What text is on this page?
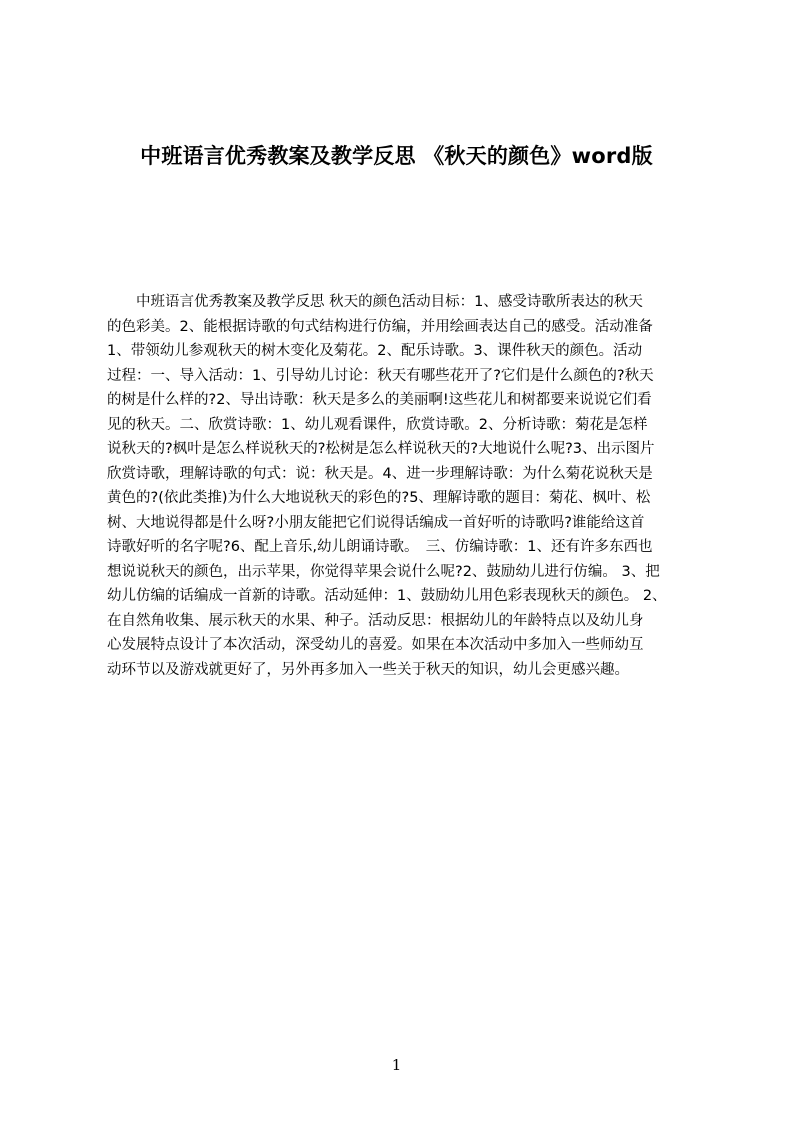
中班语言优秀教案及教学反思 《秋天的颜色》word版
　　中班语言优秀教案及教学反思 秋天的颜色活动目标：1、感受诗歌所表达的秋天
的色彩美。2、能根据诗歌的句式结构进行仿编，并用绘画表达自己的感受。活动准备
1、带领幼儿参观秋天的树木变化及菊花。2、配乐诗歌。3、课件秋天的颜色。活动
过程：一、导入活动：1、引导幼儿讨论：秋天有哪些花开了?它们是什么颜色的?秋天
的树是什么样的?2、导出诗歌：秋天是多么的美丽啊!这些花儿和树都要来说说它们看
见的秋天。二、欣赏诗歌：1、幼儿观看课件，欣赏诗歌。2、分析诗歌：菊花是怎样
说秋天的?枫叶是怎么样说秋天的?松树是怎么样说秋天的?大地说什么呢?3、出示图片
欣赏诗歌，理解诗歌的句式：说：秋天是。4、进一步理解诗歌：为什么菊花说秋天是
黄色的?(依此类推)为什么大地说秋天的彩色的?5、理解诗歌的题目：菊花、枫叶、松
树、大地说得都是什么呀?小朋友能把它们说得话编成一首好听的诗歌吗?谁能给这首
诗歌好听的名字呢?6、配上音乐,幼儿朗诵诗歌。　三、仿编诗歌：1、还有许多东西也
想说说秋天的颜色，出示苹果，你觉得苹果会说什么呢?2、鼓励幼儿进行仿编。 3、把
幼儿仿编的话编成一首新的诗歌。活动延伸：1、鼓励幼儿用色彩表现秋天的颜色。 2、
在自然角收集、展示秋天的水果、种子。活动反思：根据幼儿的年龄特点以及幼儿身
心发展特点设计了本次活动，深受幼儿的喜爱。如果在本次活动中多加入一些师幼互
动环节以及游戏就更好了，另外再多加入一些关于秋天的知识，幼儿会更感兴趣。
1
